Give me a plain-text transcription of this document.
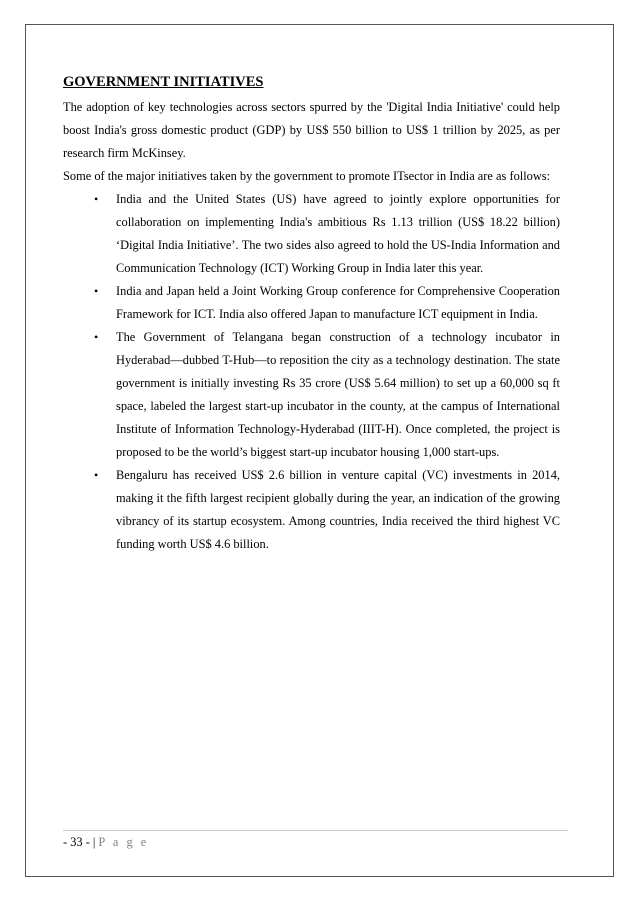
GOVERNMENT INITIATIVES

The adoption of key technologies across sectors spurred by the 'Digital India Initiative' could help boost India's gross domestic product (GDP) by US$ 550 billion to US$ 1 trillion by 2025, as per research firm McKinsey.

Some of the major initiatives taken by the government to promote ITsector in India are as follows:

• India and the United States (US) have agreed to jointly explore opportunities for collaboration on implementing India's ambitious Rs 1.13 trillion (US$ 18.22 billion) ‘Digital India Initiative’. The two sides also agreed to hold the US-India Information and Communication Technology (ICT) Working Group in India later this year.
• India and Japan held a Joint Working Group conference for Comprehensive Cooperation Framework for ICT. India also offered Japan to manufacture ICT equipment in India.
• The Government of Telangana began construction of a technology incubator in Hyderabad—dubbed T-Hub—to reposition the city as a technology destination. The state government is initially investing Rs 35 crore (US$ 5.64 million) to set up a 60,000 sq ft space, labeled the largest start-up incubator in the county, at the campus of International Institute of Information Technology-Hyderabad (IIIT-H). Once completed, the project is proposed to be the world’s biggest start-up incubator housing 1,000 start-ups.
• Bengaluru has received US$ 2.6 billion in venture capital (VC) investments in 2014, making it the fifth largest recipient globally during the year, an indication of the growing vibrancy of its startup ecosystem. Among countries, India received the third highest VC funding worth US$ 4.6 billion.
- 33 - | P a g e
